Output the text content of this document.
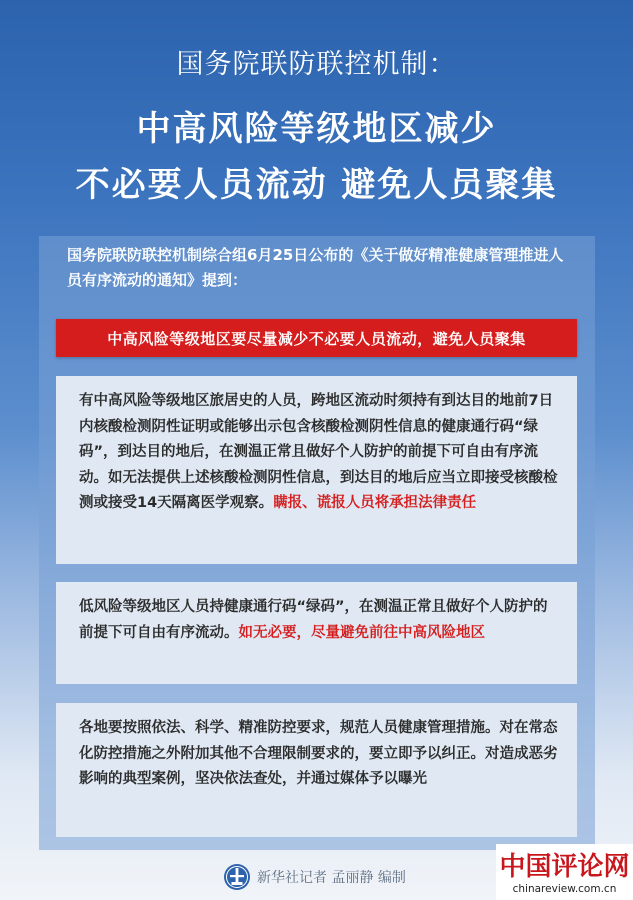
国务院联防联控机制：
中高风险等级地区减少
不必要人员流动 避免人员聚集
国务院联防联控机制综合组6月25日公布的《关于做好精准健康管理推进人员有序流动的通知》提到：
中高风险等级地区要尽量减少不必要人员流动，避免人员聚集
有中高风险等级地区旅居史的人员，跨地区流动时须持有到达目的地前7日内核酸检测阴性证明或能够出示包含核酸检测阴性信息的健康通行码“绿码”，到达目的地后，在测温正常且做好个人防护的前提下可自由有序流动。如无法提供上述核酸检测阴性信息，到达目的地后应当立即接受核酸检测或接受14天隔离医学观察。瞒报、谎报人员将承担法律责任
低风险等级地区人员持健康通行码“绿码”，在测温正常且做好个人防护的前提下可自由有序流动。如无必要，尽量避免前往中高风险地区
各地要按照依法、科学、精准防控要求，规范人员健康管理措施。对在常态化防控措施之外附加其他不合理限制要求的，要立即予以纠正。对造成恶劣影响的典型案例，坚决依法查处，并通过媒体予以曝光
新华社记者 孟丽静 编制	中国评论网
chinareview.com.cn
